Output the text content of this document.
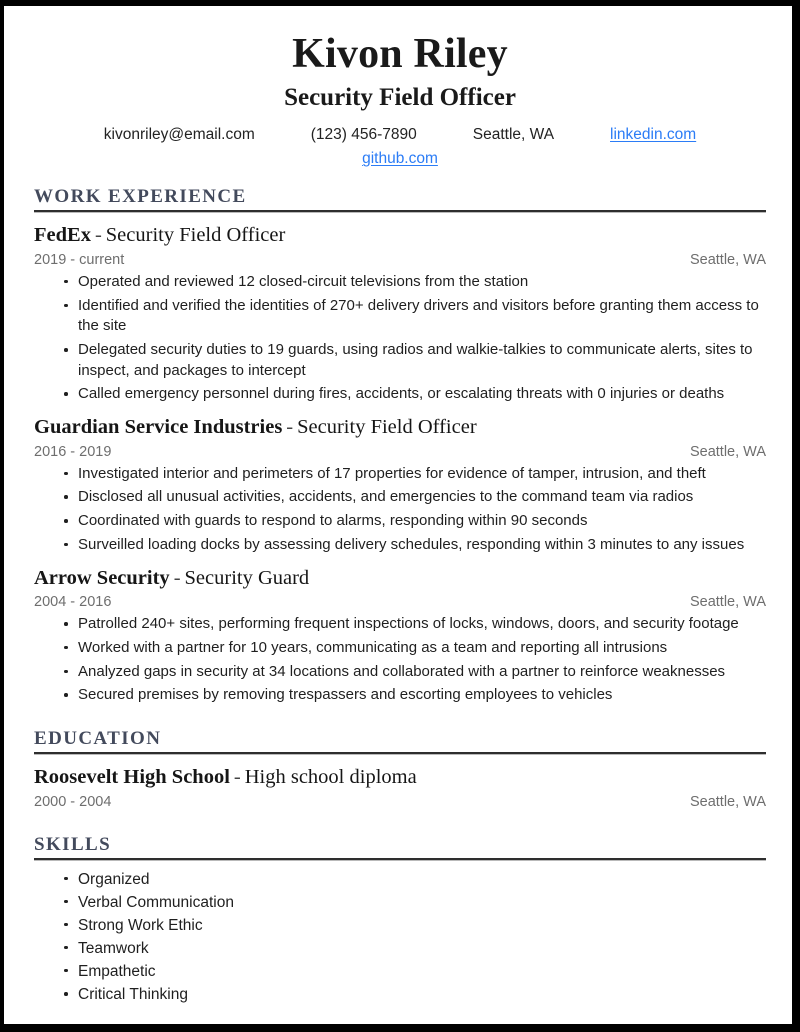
Kivon Riley
Security Field Officer
kivonriley@email.com	(123) 456-7890	Seattle, WA	linkedin.com
github.com
WORK EXPERIENCE
FedEx - Security Field Officer
2019 - current	Seattle, WA
Operated and reviewed 12 closed-circuit televisions from the station
Identified and verified the identities of 270+ delivery drivers and visitors before granting them access to the site
Delegated security duties to 19 guards, using radios and walkie-talkies to communicate alerts, sites to inspect, and packages to intercept
Called emergency personnel during fires, accidents, or escalating threats with 0 injuries or deaths
Guardian Service Industries - Security Field Officer
2016 - 2019	Seattle, WA
Investigated interior and perimeters of 17 properties for evidence of tamper, intrusion, and theft
Disclosed all unusual activities, accidents, and emergencies to the command team via radios
Coordinated with guards to respond to alarms, responding within 90 seconds
Surveilled loading docks by assessing delivery schedules, responding within 3 minutes to any issues
Arrow Security - Security Guard
2004 - 2016	Seattle, WA
Patrolled 240+ sites, performing frequent inspections of locks, windows, doors, and security footage
Worked with a partner for 10 years, communicating as a team and reporting all intrusions
Analyzed gaps in security at 34 locations and collaborated with a partner to reinforce weaknesses
Secured premises by removing trespassers and escorting employees to vehicles
EDUCATION
Roosevelt High School - High school diploma
2000 - 2004	Seattle, WA
SKILLS
Organized
Verbal Communication
Strong Work Ethic
Teamwork
Empathetic
Critical Thinking
